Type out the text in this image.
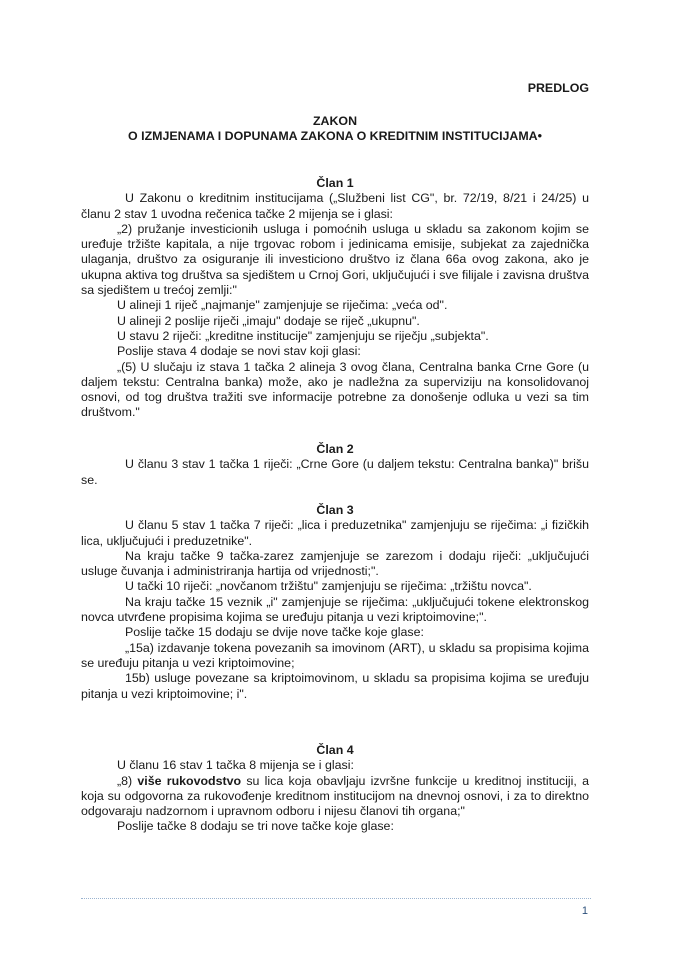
PREDLOG
ZAKON
O IZMJENAMA I DOPUNAMA ZAKONA O KREDITNIM INSTITUCIJAMA•
Član 1

U Zakonu o kreditnim institucijama („Službeni list CG", br. 72/19, 8/21 i 24/25) u članu 2 stav 1 uvodna rečenica tačke 2 mijenja se i glasi:

„2) pružanje investicionih usluga i pomoćnih usluga u skladu sa zakonom kojim se uređuje tržište kapitala, a nije trgovac robom i jedinicama emisije, subjekat za zajednička ulaganja, društvo za osiguranje ili investiciono društvo iz člana 66a ovog zakona, ako je ukupna aktiva tog društva sa sjedištem u Crnoj Gori, uključujući i sve filijale i zavisna društva sa sjedištem u trećoj zemlji:"

U alineji 1 riječ „najmanje" zamjenjuje se riječima: „veća od".

U alineji 2 poslije riječi „imaju" dodaje se riječ „ukupnu".

U stavu 2 riječi: „kreditne institucije" zamjenjuju se riječju „subjekta".

Poslije stava 4 dodaje se novi stav koji glasi:

„(5) U slučaju iz stava 1 tačka 2 alineja 3 ovog člana, Centralna banka Crne Gore (u daljem tekstu: Centralna banka) može, ako je nadležna za superviziju na konsolidovanoj osnovi, od tog društva tražiti sve informacije potrebne za donošenje odluka u vezi sa tim društvom."

Član 2

U članu 3 stav 1 tačka 1 riječi: „Crne Gore (u daljem tekstu: Centralna banka)" brišu se.

Član 3

U članu 5 stav 1 tačka 7 riječi: „lica i preduzetnika" zamjenjuju se riječima: „i fizičkih lica, uključujući i preduzetnike".

Na kraju tačke 9 tačka-zarez zamjenjuje se zarezom i dodaju riječi: „uključujući usluge čuvanja i administriranja hartija od vrijednosti;".

U tački 10 riječi: „novčanom tržištu" zamjenjuju se riječima: „tržištu novca".

Na kraju tačke 15 veznik „i" zamjenjuje se riječima: „uključujući tokene elektronskog novca utvrđene propisima kojima se uređuju pitanja u vezi kriptoimovine;".

Poslije tačke 15 dodaju se dvije nove tačke koje glase:

„15a) izdavanje tokena povezanih sa imovinom (ART), u skladu sa propisima kojima se uređuju pitanja u vezi kriptoimovine;

15b) usluge povezane sa kriptoimovinom, u skladu sa propisima kojima se uređuju pitanja u vezi kriptoimovine; i".

Član 4

U članu 16 stav 1 tačka 8 mijenja se i glasi:

„8) više rukovodstvo su lica koja obavljaju izvršne funkcije u kreditnoj instituciji, a koja su odgovorna za rukovođenje kreditnom institucijom na dnevnoj osnovi, i za to direktno odgovaraju nadzornom i upravnom odboru i nijesu članovi tih organa;"

Poslije tačke 8 dodaju se tri nove tačke koje glase:

1
